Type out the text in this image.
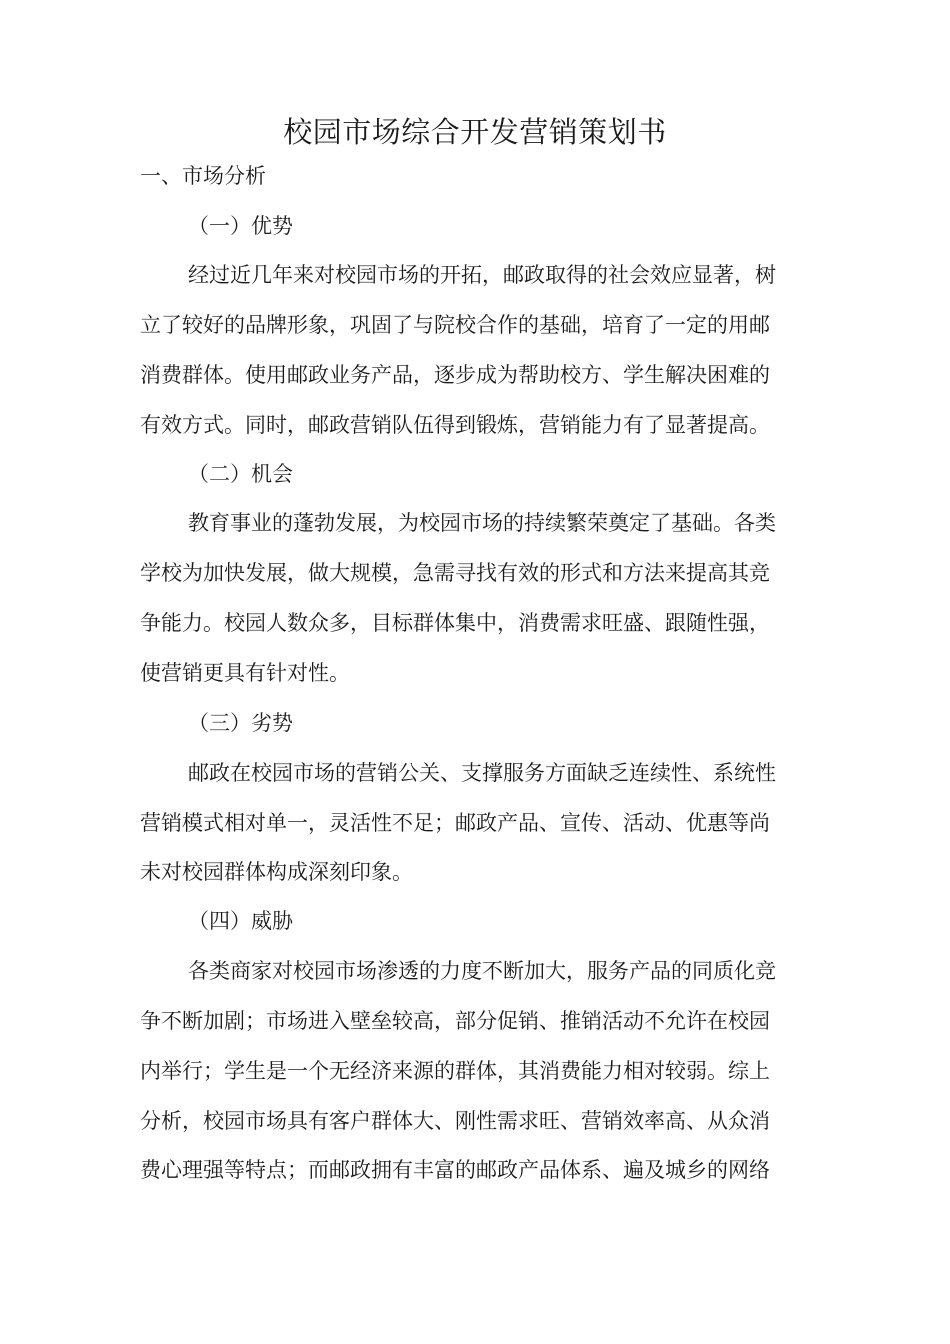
校园市场综合开发营销策划书
一、市场分析
（一）优势
经过近几年来对校园市场的开拓，邮政取得的社会效应显著，树
立了较好的品牌形象，巩固了与院校合作的基础，培育了一定的用邮
消费群体。使用邮政业务产品，逐步成为帮助校方、学生解决困难的
有效方式。同时，邮政营销队伍得到锻炼，营销能力有了显著提高。
（二）机会
教育事业的蓬勃发展，为校园市场的持续繁荣奠定了基础。各类
学校为加快发展，做大规模，急需寻找有效的形式和方法来提高其竞
争能力。校园人数众多，目标群体集中，消费需求旺盛、跟随性强，
使营销更具有针对性。
（三）劣势
邮政在校园市场的营销公关、支撑服务方面缺乏连续性、系统性
营销模式相对单一，灵活性不足；邮政产品、宣传、活动、优惠等尚
未对校园群体构成深刻印象。
（四）威胁
各类商家对校园市场渗透的力度不断加大，服务产品的同质化竞
争不断加剧；市场进入壁垒较高，部分促销、推销活动不允许在校园
内举行；学生是一个无经济来源的群体，其消费能力相对较弱。综上
分析，校园市场具有客户群体大、刚性需求旺、营销效率高、从众消
费心理强等特点；而邮政拥有丰富的邮政产品体系、遍及城乡的网络
